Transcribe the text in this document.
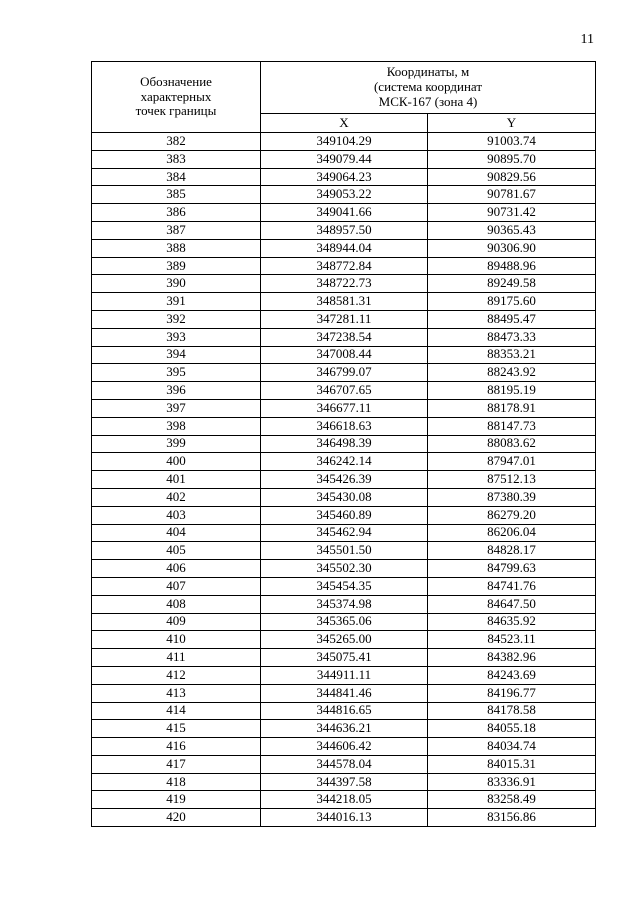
11
Обозначение
характерных
точек границы	Координаты, м
(система координат
МСК-167 (зона 4)	

	X	Y
382	349104.29	91003.74
383	349079.44	90895.70
384	349064.23	90829.56
385	349053.22	90781.67
386	349041.66	90731.42
387	348957.50	90365.43
388	348944.04	90306.90
389	348772.84	89488.96
390	348722.73	89249.58
391	348581.31	89175.60
392	347281.11	88495.47
393	347238.54	88473.33
394	347008.44	88353.21
395	346799.07	88243.92
396	346707.65	88195.19
397	346677.11	88178.91
398	346618.63	88147.73
399	346498.39	88083.62
400	346242.14	87947.01
401	345426.39	87512.13
402	345430.08	87380.39
403	345460.89	86279.20
404	345462.94	86206.04
405	345501.50	84828.17
406	345502.30	84799.63
407	345454.35	84741.76
408	345374.98	84647.50
409	345365.06	84635.92
410	345265.00	84523.11
411	345075.41	84382.96
412	344911.11	84243.69
413	344841.46	84196.77
414	344816.65	84178.58
415	344636.21	84055.18
416	344606.42	84034.74
417	344578.04	84015.31
418	344397.58	83336.91
419	344218.05	83258.49
420	344016.13	83156.86
